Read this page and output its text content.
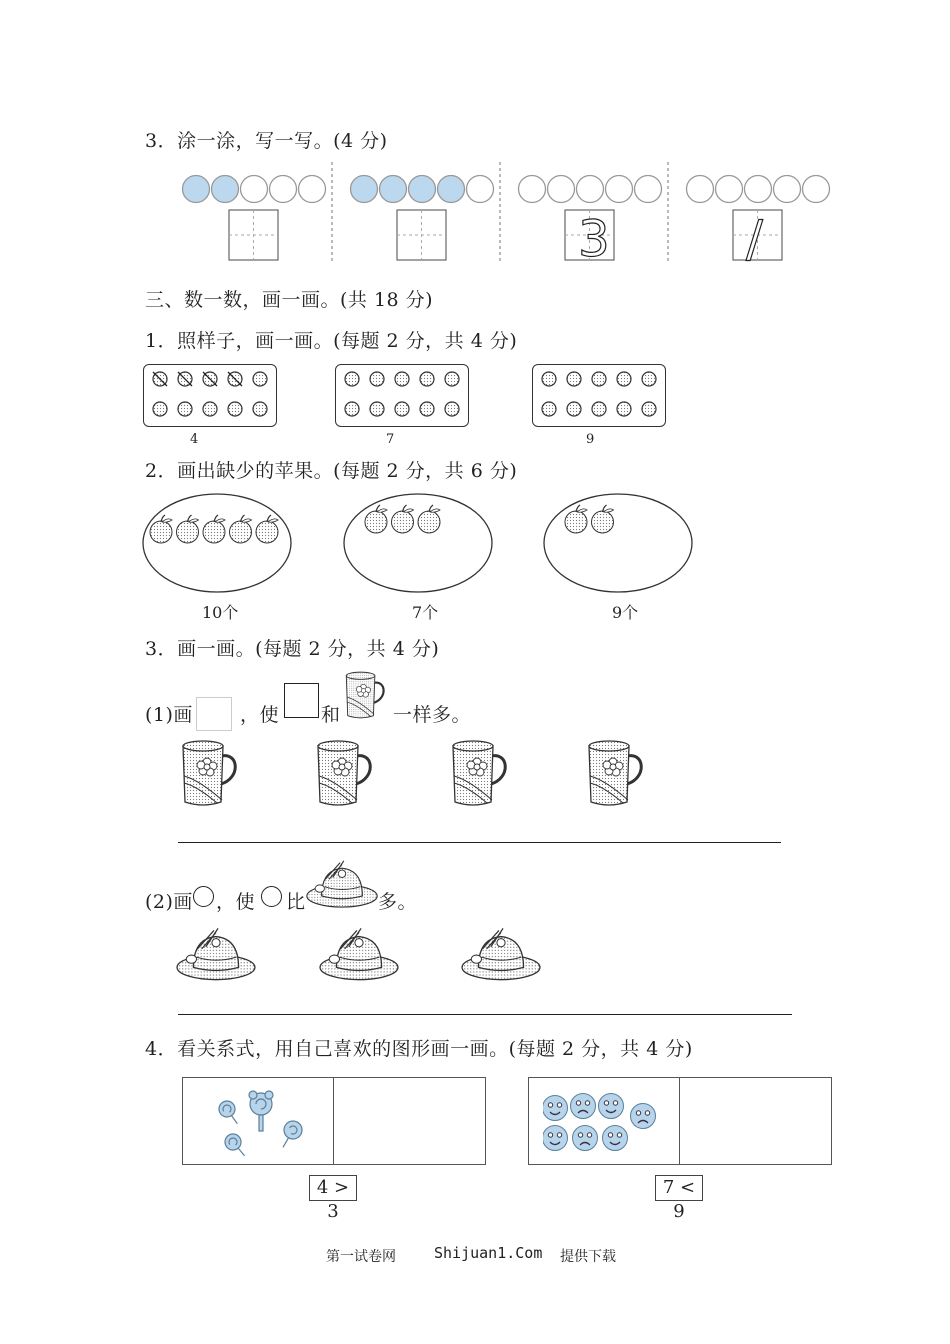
3．涂一涂，写一写。(4 分)
3	/
三、数一数，画一画。(共 18 分)
1．照样子，画一画。(每题 2 分，共 4 分)
4	7	9
2．画出缺少的苹果。(每题 2 分，共 6 分)
10个	7个	9个
3．画一画。(每题 2 分，共 4 分)
(1)画 ，使 和	一样多。
(2)画 ，使 比	多。
4．看关系式，用自己喜欢的图形画一画。(每题 2 分，共 4 分)
4 > 3
7 < 9
第一试卷网	Shijuan1.Com 提供下载
